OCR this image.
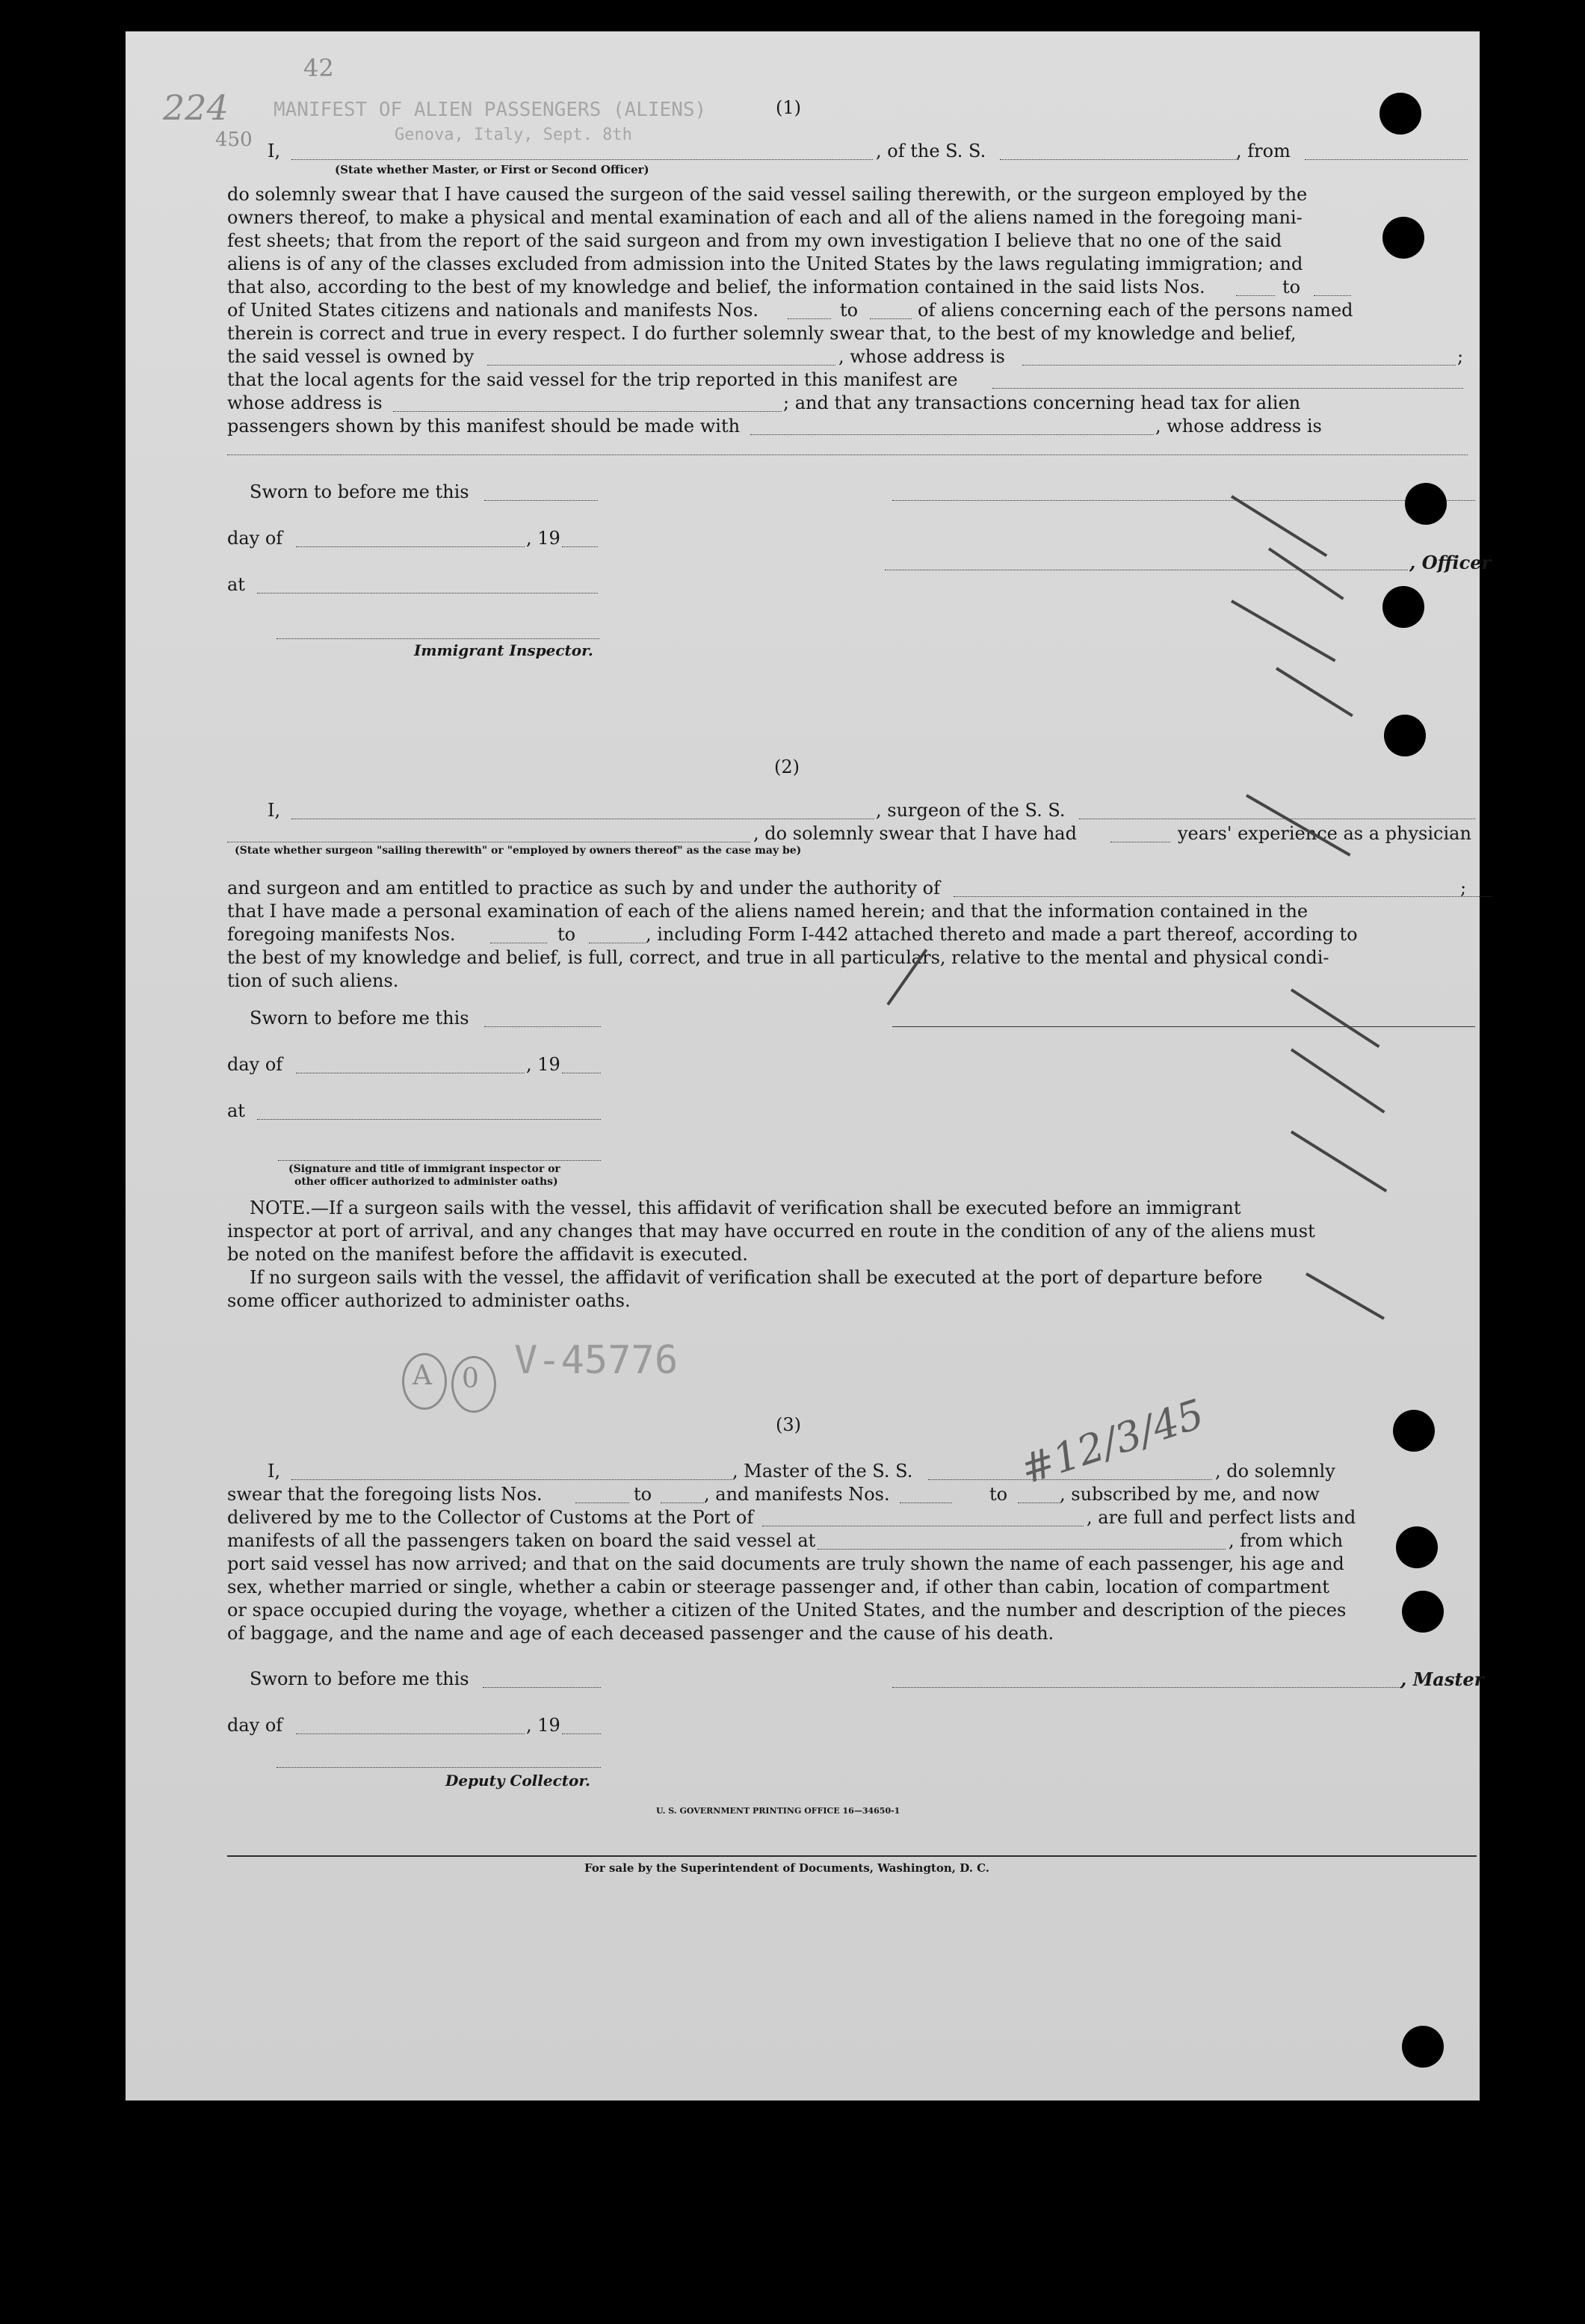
MANIFEST OF ALIEN PASSENGERS (ALIENS)
Genova, Italy, Sept. 8th
42
224
450
(1)
I,	, of the S. S.	, from
(State whether Master, or First or Second Officer)
do solemnly swear that I have caused the surgeon of the said vessel sailing therewith, or the surgeon employed by the
owners thereof, to make a physical and mental examination of each and all of the aliens named in the foregoing mani-
fest sheets; that from the report of the said surgeon and from my own investigation I believe that no one of the said
aliens is of any of the classes excluded from admission into the United States by the laws regulating immigration; and
that also, according to the best of my knowledge and belief, the information contained in the said lists Nos.	to
of United States citizens and nationals and manifests Nos.	to	of aliens concerning each of the persons named
therein is correct and true in every respect. I do further solemnly swear that, to the best of my knowledge and belief,
the said vessel is owned by	, whose address is	;
that the local agents for the said vessel for the trip reported in this manifest are
whose address is	; and that any transactions concerning head tax for alien
passengers shown by this manifest should be made with	, whose address is
Sworn to before me this
day of	, 19
, Officer
at
Immigrant Inspector.
(2)
I,	, surgeon of the S. S.
, do solemnly swear that I have had	years' experience as a physician
(State whether surgeon "sailing therewith" or "employed by owners thereof" as the case may be)
and surgeon and am entitled to practice as such by and under the authority of	;
that I have made a personal examination of each of the aliens named herein; and that the information contained in the
foregoing manifests Nos.	to	, including Form I-442 attached thereto and made a part thereof, according to
the best of my knowledge and belief, is full, correct, and true in all particulars, relative to the mental and physical condi-
tion of such aliens.
Sworn to before me this
day of	, 19
at
(Signature and title of immigrant inspector or
other officer authorized to administer oaths)
NOTE.—If a surgeon sails with the vessel, this affidavit of verification shall be executed before an immigrant
inspector at port of arrival, and any changes that may have occurred en route in the condition of any of the aliens must
be noted on the manifest before the affidavit is executed.
If no surgeon sails with the vessel, the affidavit of verification shall be executed at the port of departure before
some officer authorized to administer oaths.
V-45776
A 0
(3)
I,	, Master of the S. S.	, do solemnly
swear that the foregoing lists Nos.	to	, and manifests Nos.	to	, subscribed by me, and now
delivered by me to the Collector of Customs at the Port of	, are full and perfect lists and
manifests of all the passengers taken on board the said vessel at	, from which
port said vessel has now arrived; and that on the said documents are truly shown the name of each passenger, his age and
sex, whether married or single, whether a cabin or steerage passenger and, if other than cabin, location of compartment
or space occupied during the voyage, whether a citizen of the United States, and the number and description of the pieces
of baggage, and the name and age of each deceased passenger and the cause of his death.
Sworn to before me this	, Master
day of	, 19
Deputy Collector.
U. S. GOVERNMENT PRINTING OFFICE 16—34650-1
For sale by the Superintendent of Documents, Washington, D. C.
#12/3/45
